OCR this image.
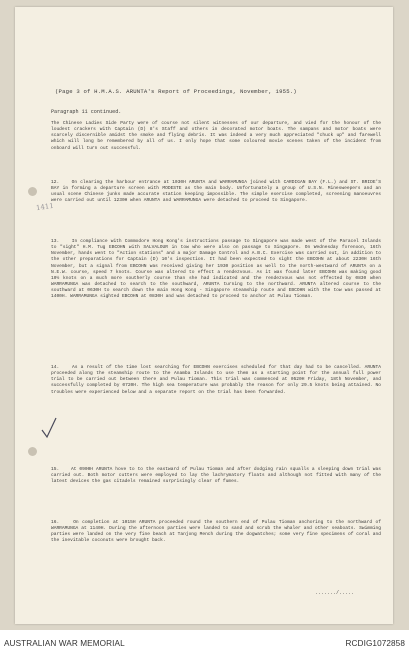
(Page 3 of H.M.A.S. ARUNTA's Report of Proceedings, November, 1955.)
Paragraph 11 continued.

The Chinese Ladies Side Party were of course not silent witnesses of our departure, and vied for the honour of the loudest crackers with Captain (D) 8's Staff and others in decorated motor boats. The sampans and motor boats were scarcely discernible amidst the smoke and flying debris. It was indeed a very much appreciated "chuck up" and farewell which will long be remembered by all of us. I only hope that some coloured movie scenes taken of the incident from onboard will turn out successful.

12.	On clearing the harbour entrance at 1030H ARUNTA and WARRAMUNGA joined with CARDIGAN BAY (F.L.) and ST. BRIDE'S BAY in forming a departure screen with MODESTE as the main body. Unfortunately a group of U.S.N. Minesweepers and an usual scene Chinese junks made accurate station keeping impossible. The simple exercise completed, screening manoeuvres were carried out until 1230H when ARUNTA and WARRAMUNGA were detached to proceed to Singapore.

13.	In compliance with Commodore Hong Kong's instructions passage to Singapore was made west of the Paracel Islands to "sight" H.M. Tug EBCOHN with SALVALOUR in tow who were also on passage to Singapore. On Wednesday forenoon, 16th November, hands went to "Action stations" and a major Damage Control and A.B.C. Exercise was carried out, in addition to the other preparations for Captain (D) 10's inspection. It had been expected to sight the EBCOHN at about 2230H 16th November, but a signal from EBCOHN was received giving her 1930 position as well to the north-westward of ARUNTA on a N.E.W. course, speed 7 knots. Course was altered to effect a rendezvous. As it was found later EBCOHN was making good 10½ knots on a much more southerly course than she had indicated and the rendezvous was not effected by 0830 when WARRAMUNGA was detached to search to the southward, ARUNTA turning to the northward. ARUNTA altered course to the southward at 0630H to search down the main Hong Kong - Singapore steamship route and EBCOHN with the tow was passed at 1400H. WARRAMUNGA sighted EBCOHN at 0830H and was detached to proceed to anchor at Pulau Tioman.

14.	As a result of the time lost searching for EBCOHN exercises scheduled for that day had to be cancelled. ARUNTA proceeded along the steamship route to the Anamba Islands to use them as a starting point for the annual full power trial to be carried out between there and Pulau Tioman. This trial was commenced at 0520H Friday, 18th November, and successfully completed by 0720H. The high sea temperature was probably the reason for only 29.5 knots being attained. No troubles were experienced below and a separate report on the trial has been forwarded.

15.	At 0900H ARUNTA hove to to the eastward of Pulau Tioman and after dodging rain squalls a sleeping down trial was carried out. Both motor cutters were employed to lay the lachrymatory floats and although not fitted with many of the latest devices the gas citadels remained surprisingly clear of fumes.

16.	On completion at 1015H ARUNTA proceeded round the southern end of Pulau Tioman anchoring to the northward of WARRAMUNGA at 1140H. During the afternoon parties were landed to sand and scrub the whaler and other seaboats. Swimming parties were landed on the very fine beach at Tanjong Mench during the dogwatches; some very fine specimens of coral and the inevitable coconuts were brought back.

......./.....
1411
AUSTRALIAN WAR MEMORIAL	RCDIG1072858
